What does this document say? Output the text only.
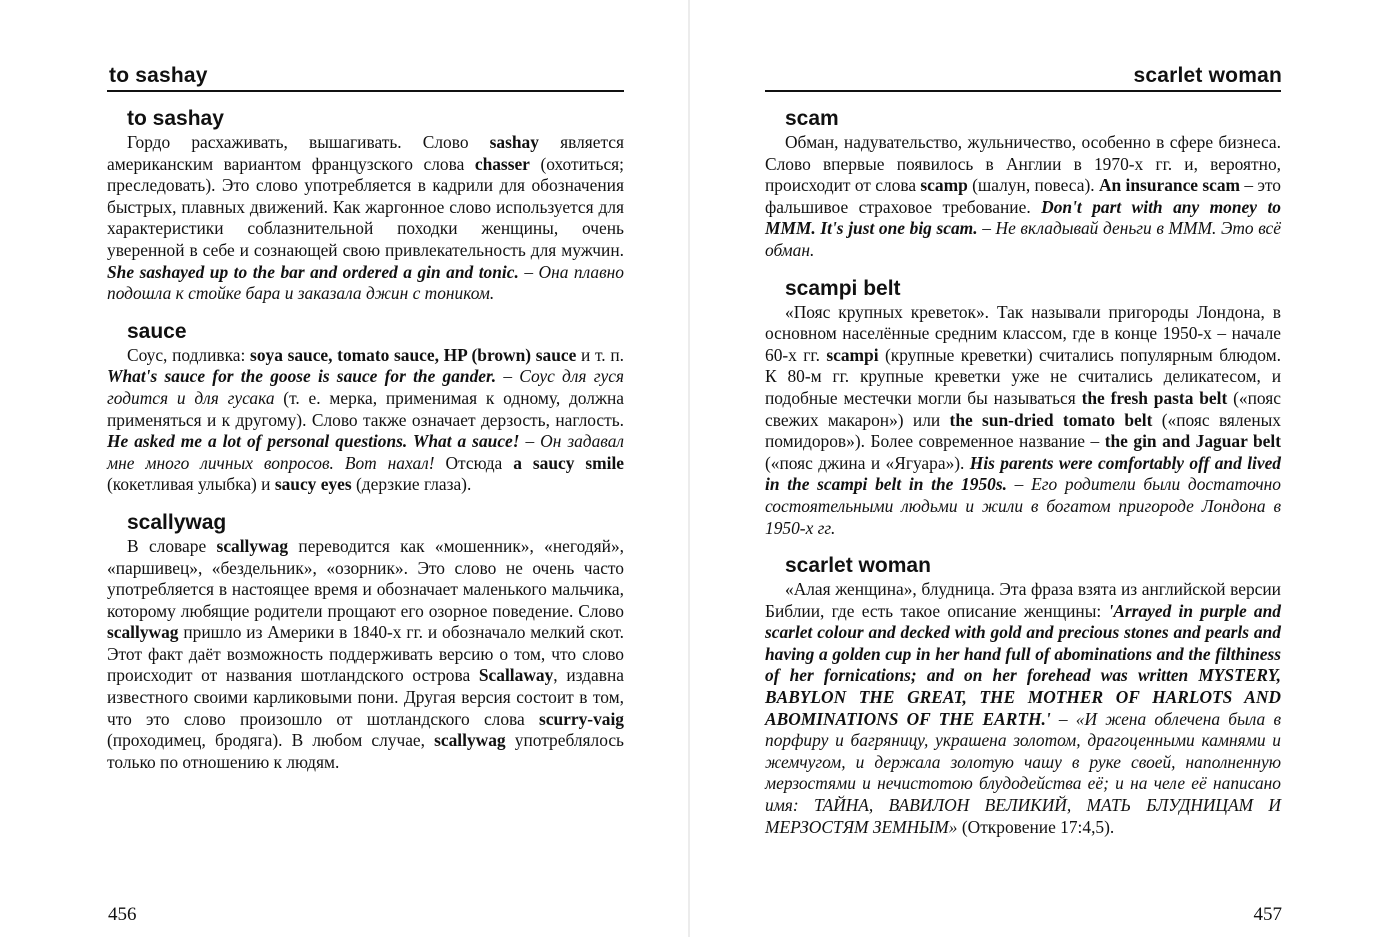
to sashay
to sashay

Гордо расхаживать, вышагивать. Слово sashay является американским вариантом французского слова chasser (охотиться; преследовать). Это слово употребляется в кадрили для обозначения быстрых, плавных движений. Как жаргонное слово используется для характеристики соблазнительной походки женщины, очень уверенной в себе и сознающей свою привлекательность для мужчин. She sashayed up to the bar and ordered a gin and tonic. – Она плавно подошла к стойке бара и заказала джин с тоником.

sauce

Соус, подливка: soya sauce, tomato sauce, HP (brown) sauce и т. п. What's sauce for the goose is sauce for the gander. – Соус для гуся годится и для гусака (т. е. мерка, применимая к одному, должна применяться и к другому). Слово также означает дерзость, наглость. He asked me a lot of personal questions. What a sauce! – Он задавал мне много личных вопросов. Вот нахал! Отсюда a saucy smile (кокетливая улыбка) и saucy eyes (дерзкие глаза).

scallywag

В словаре scallywag переводится как «мошенник», «негодяй», «паршивец», «бездельник», «озорник». Это слово не очень часто употребляется в настоящее время и обозначает маленького мальчика, которому любящие родители прощают его озорное поведение. Слово scallywag пришло из Америки в 1840-х гг. и обозначало мелкий скот. Этот факт даёт возможность поддерживать версию о том, что слово происходит от названия шотландского острова Scallaway, издавна известного своими карликовыми пони. Другая версия состоит в том, что это слово произошло от шотландского слова scurry-vaig (проходимец, бродяга). В любом случае, scallywag употреблялось только по отношению к людям.

456
scarlet woman
scam

Обман, надувательство, жульничество, особенно в сфере бизнеса. Слово впервые появилось в Англии в 1970-х гг. и, вероятно, происходит от слова scamp (шалун, повеса). An insurance scam – это фальшивое страховое требование. Don't part with any money to MMM. It's just one big scam. – Не вкладывай деньги в МММ. Это всё обман.

scampi belt

«Пояс крупных креветок». Так называли пригороды Лондона, в основном населённые средним классом, где в конце 1950-х – начале 60-х гг. scampi (крупные креветки) считались популярным блюдом. К 80-м гг. крупные креветки уже не считались деликатесом, и подобные местечки могли бы называться the fresh pasta belt («пояс свежих макарон») или the sun-dried tomato belt («пояс вяленых помидоров»). Более современное название – the gin and Jaguar belt («пояс джина и «Ягуара»). His parents were comfortably off and lived in the scampi belt in the 1950s. – Его родители были достаточно состоятельными людьми и жили в богатом пригороде Лондона в 1950-х гг.

scarlet woman

«Алая женщина», блудница. Эта фраза взята из английской версии Библии, где есть такое описание женщины: 'Arrayed in purple and scarlet colour and decked with gold and precious stones and pearls and having a golden cup in her hand full of abominations and the filthiness of her fornications; and on her forehead was written MYSTERY, BABYLON THE GREAT, THE MOTHER OF HARLOTS AND ABOMINATIONS OF THE EARTH.' – «И жена облечена была в порфиру и багряницу, украшена золотом, драгоценными камнями и жемчугом, и держала золотую чашу в руке своей, наполненную мерзостями и нечистотою блудодейства её; и на челе её написано имя: ТАЙНА, ВАВИЛОН ВЕЛИКИЙ, МАТЬ БЛУДНИЦАМ И МЕРЗОСТЯМ ЗЕМНЫМ» (Откровение 17:4,5).

457
